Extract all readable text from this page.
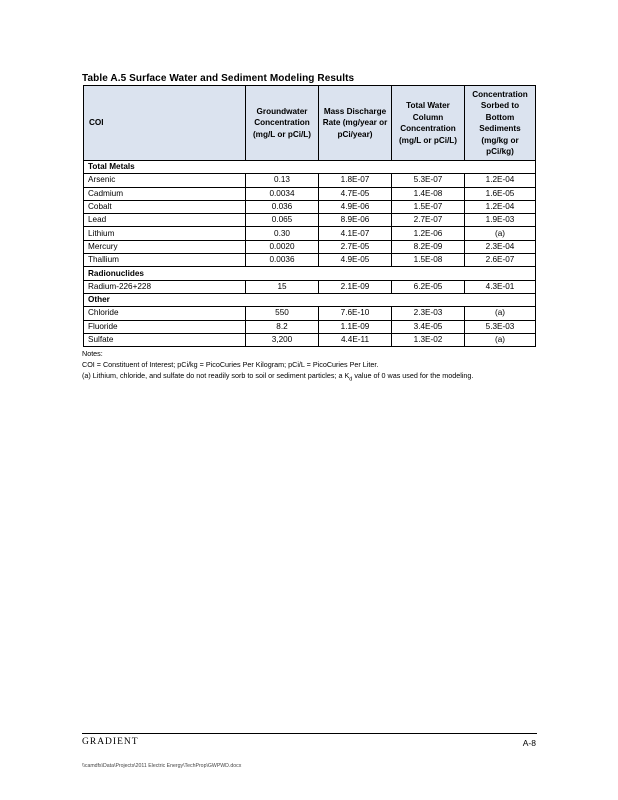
Table A.5 Surface Water and Sediment Modeling Results
COI	Groundwater Concentration (mg/L or pCi/L)	Mass Discharge Rate (mg/year or pCi/year)	Total Water Column Concentration (mg/L or pCi/L)	Concentration Sorbed to Bottom Sediments (mg/kg or pCi/kg)
Total Metals				
Arsenic	0.13	1.8E-07	5.3E-07	1.2E-04
Cadmium	0.0034	4.7E-05	1.4E-08	1.6E-05
Cobalt	0.036	4.9E-06	1.5E-07	1.2E-04
Lead	0.065	8.9E-06	2.7E-07	1.9E-03
Lithium	0.30	4.1E-07	1.2E-06	(a)
Mercury	0.0020	2.7E-05	8.2E-09	2.3E-04
Thallium	0.0036	4.9E-05	1.5E-08	2.6E-07
Radionuclides				
Radium-226+228	15	2.1E-09	6.2E-05	4.3E-01
Other				
Chloride	550	7.6E-10	2.3E-03	(a)
Fluoride	8.2	1.1E-09	3.4E-05	5.3E-03
Sulfate	3,200	4.4E-11	1.3E-02	(a)
Notes:
COI = Constituent of Interest; pCi/kg = PicoCuries Per Kilogram; pCi/L = PicoCuries Per Liter.
(a) Lithium, chloride, and sulfate do not readily sorb to soil or sediment particles; a $K_d$ value of 0 was used for the modeling.
GRADIENT	A-8
\\camdfs\Data\Projects\2011 Electric Energy\TechProp\GWPWD.docx
